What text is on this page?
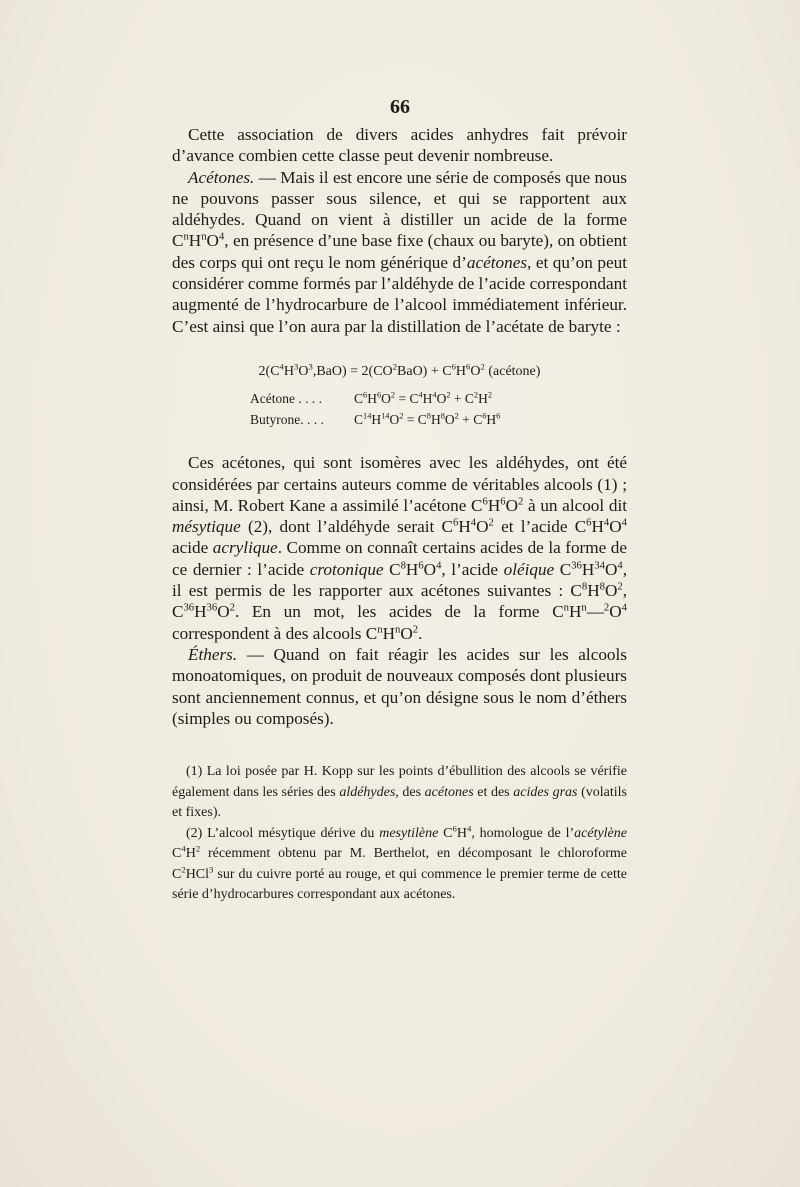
66

Cette association de divers acides anhydres fait prévoir d’avance combien cette classe peut devenir nombreuse.

Acétones. — Mais il est encore une série de composés que nous ne pouvons passer sous silence, et qui se rapportent aux aldéhydes. Quand on vient à distiller un acide de la forme $C^nH^nO^4$, en présence d’une base fixe (chaux ou baryte), on obtient des corps qui ont reçu le nom générique d’acétones, et qu’on peut considérer comme formés par l’aldéhyde de l’acide correspondant augmenté de l’hydrocarbure de l’alcool immédiatement inférieur. C’est ainsi que l’on aura par la distillation de l’acétate de baryte :

$2(C^4H^3O^3,BaO) = 2(CO^2BaO) + C^6H^6O^2$ (acétone)
Acétone . . . .	$C^6H^6O^2 = C^4H^4O^2 + C^2H^2$
Butyrone. . . .	$C^{14}H^{14}O^2 = C^8H^8O^2 + C^6H^6$

Ces acétones, qui sont isomères avec les aldéhydes, ont été considérées par certains auteurs comme de véritables alcools (1) ; ainsi, M. Robert Kane a assimilé l’acétone $C^6H^6O^2$ à un alcool dit mésytique (2), dont l’aldéhyde serait $C^6H^4O^2$ et l’acide $C^6H^4O^4$ acide acrylique. Comme on connaît certains acides de la forme de ce dernier : l’acide crotonique $C^8H^6O^4$, l’acide oléique $C^{36}H^{34}O^4$, il est permis de les rapporter aux acétones suivantes : $C^8H^8O^2$, $C^{36}H^{36}O^2$. En un mot, les acides de la forme $C^nH^n—^2O^4$ correspondent à des alcools $C^nH^nO^2$.

Éthers. — Quand on fait réagir les acides sur les alcools monoatomiques, on produit de nouveaux composés dont plusieurs sont anciennement connus, et qu’on désigne sous le nom d’éthers (simples ou composés).

(1) La loi posée par H. Kopp sur les points d’ébullition des alcools se vérifie également dans les séries des aldéhydes, des acétones et des acides gras (volatils et fixes).

(2) L’alcool mésytique dérive du mesytilène $C^6H^4$, homologue de l’acétylène $C^4H^2$ récemment obtenu par M. Berthelot, en décomposant le chloroforme $C^2HCl^3$ sur du cuivre porté au rouge, et qui commence le premier terme de cette série d’hydrocarbures correspondant aux acétones.
